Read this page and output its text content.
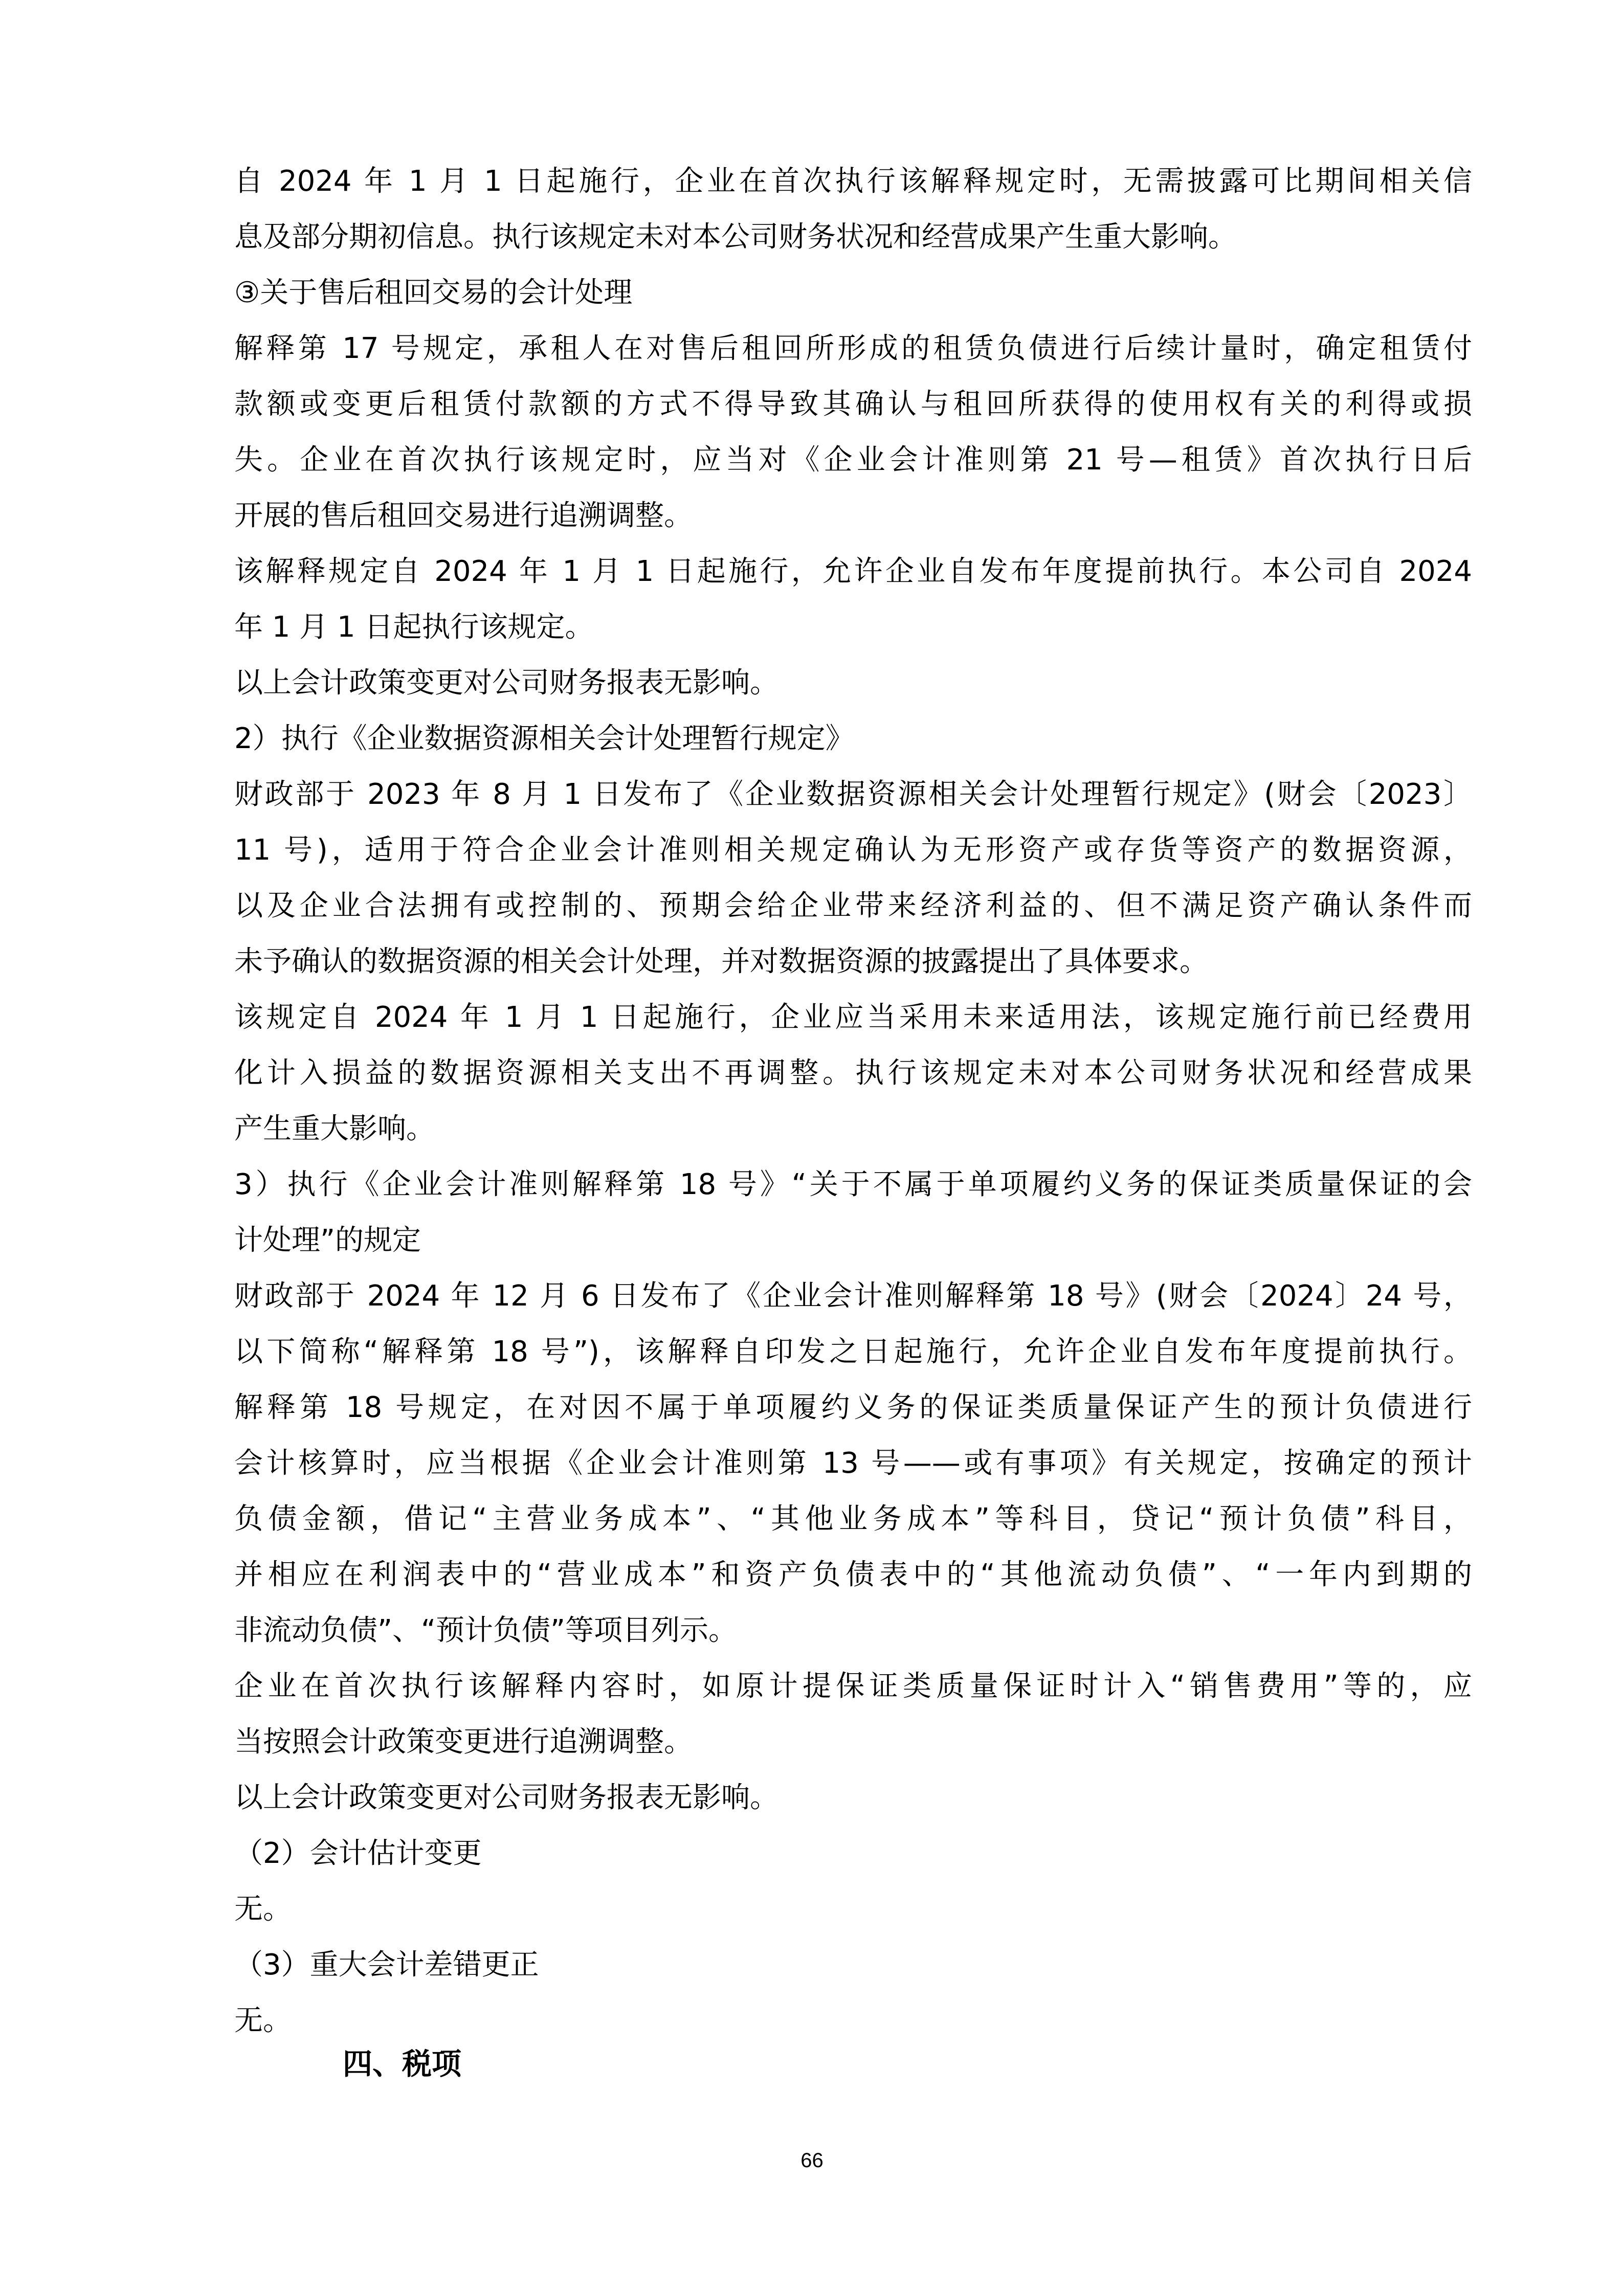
自 2024 年 1 月 1 日起施行，企业在首次执行该解释规定时，无需披露可比期间相关信
息及部分期初信息。执行该规定未对本公司财务状况和经营成果产生重大影响。
③关于售后租回交易的会计处理
解释第 17 号规定，承租人在对售后租回所形成的租赁负债进行后续计量时，确定租赁付
款额或变更后租赁付款额的方式不得导致其确认与租回所获得的使用权有关的利得或损
失。企业在首次执行该规定时，应当对《企业会计准则第 21 号—租赁》首次执行日后
开展的售后租回交易进行追溯调整。
该解释规定自 2024 年 1 月 1 日起施行，允许企业自发布年度提前执行。本公司自 2024
年 1 月 1 日起执行该规定。
以上会计政策变更对公司财务报表无影响。
2）执行《企业数据资源相关会计处理暂行规定》
财政部于 2023 年 8 月 1 日发布了《企业数据资源相关会计处理暂行规定》(财会〔2023〕
11 号)，适用于符合企业会计准则相关规定确认为无形资产或存货等资产的数据资源，
以及企业合法拥有或控制的、预期会给企业带来经济利益的、但不满足资产确认条件而
未予确认的数据资源的相关会计处理，并对数据资源的披露提出了具体要求。
该规定自 2024 年 1 月 1 日起施行，企业应当采用未来适用法，该规定施行前已经费用
化计入损益的数据资源相关支出不再调整。执行该规定未对本公司财务状况和经营成果
产生重大影响。
3）执行《企业会计准则解释第 18 号》“关于不属于单项履约义务的保证类质量保证的会
计处理”的规定
财政部于 2024 年 12 月 6 日发布了《企业会计准则解释第 18 号》(财会〔2024〕24 号，
以下简称“解释第 18 号”)，该解释自印发之日起施行，允许企业自发布年度提前执行。
解释第 18 号规定，在对因不属于单项履约义务的保证类质量保证产生的预计负债进行
会计核算时，应当根据《企业会计准则第 13 号——或有事项》有关规定，按确定的预计
负债金额，借记“主营业务成本”、“其他业务成本”等科目，贷记“预计负债”科目，
并相应在利润表中的“营业成本”和资产负债表中的“其他流动负债”、“一年内到期的
非流动负债”、“预计负债”等项目列示。
企业在首次执行该解释内容时，如原计提保证类质量保证时计入“销售费用”等的，应
当按照会计政策变更进行追溯调整。
以上会计政策变更对公司财务报表无影响。
（2）会计估计变更
无。
（3）重大会计差错更正
无。
四、税项
66
